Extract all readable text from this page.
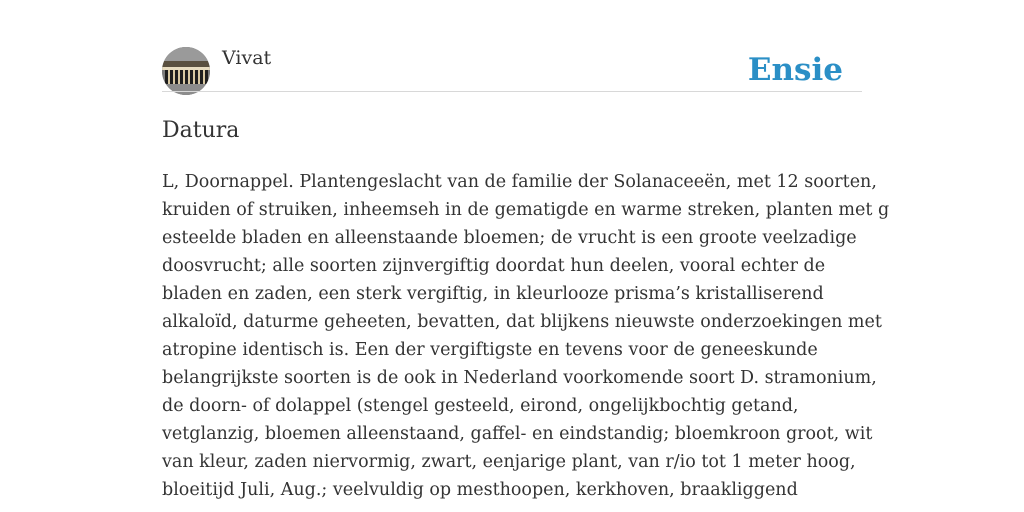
Vivat	Ensie
Datura
L, Doornappel. Plantengeslacht van de familie der Solanaceeën, met 12 soorten,
kruiden of struiken, inheemseh in de gematigde en warme streken, planten met g
esteelde bladen en alleenstaande bloemen; de vrucht is een groote veelzadige
doosvrucht; alle soorten zijnvergiftig doordat hun deelen, vooral echter de
bladen en zaden, een sterk vergiftig, in kleurlooze prisma’s kristalliserend
alkaloïd, daturme geheeten, bevatten, dat blijkens nieuwste onderzoekingen met
atropine identisch is. Een der vergiftigste en tevens voor de geneeskunde
belangrijkste soorten is de ook in Nederland voorkomende soort D. stramonium,
de doorn- of dolappel (stengel gesteeld, eirond, ongelijkbochtig getand,
vetglanzig, bloemen alleenstaand, gaffel- en eindstandig; bloemkroon groot, wit
van kleur, zaden niervormig, zwart, eenjarige plant, van r/io tot 1 meter hoog,
bloeitijd Juli, Aug.; veelvuldig op mesthoopen, kerkhoven, braakliggend
